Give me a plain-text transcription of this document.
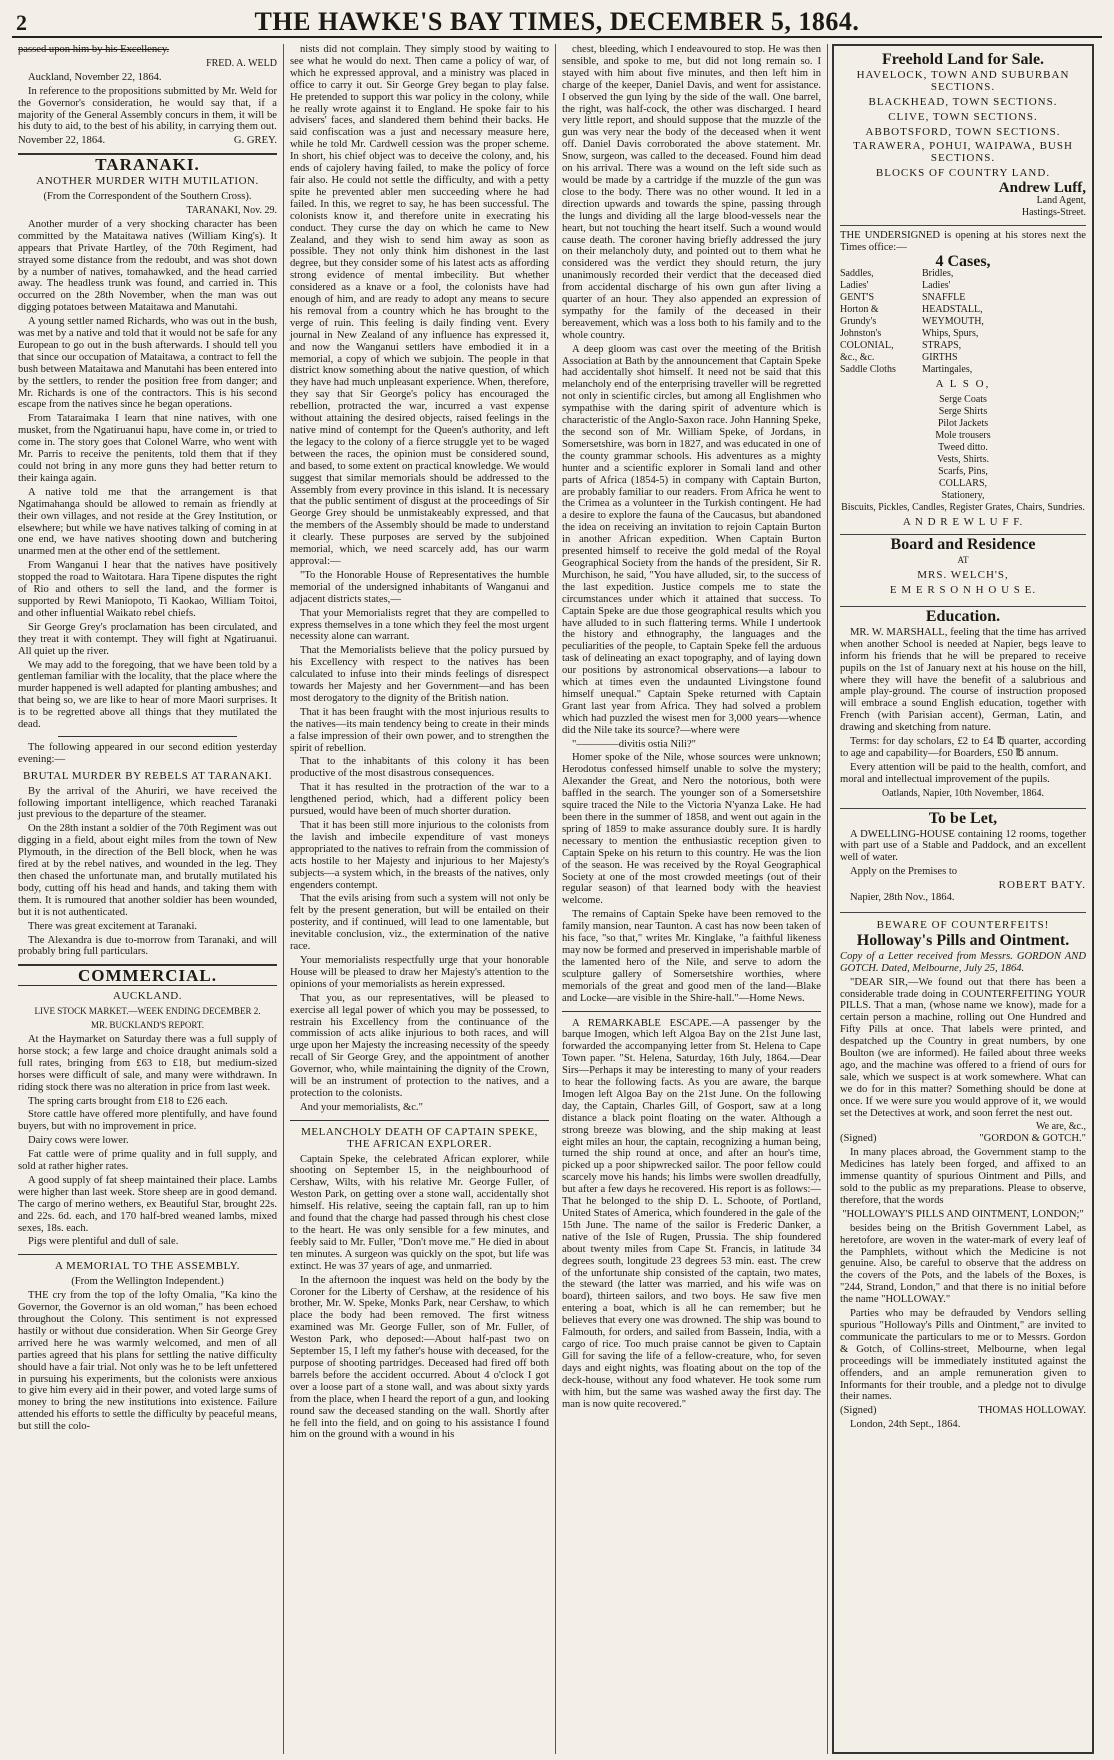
2	THE HAWKE'S BAY TIMES, DECEMBER 5, 1864.

passed upon him by his Excellency.

FRED. A. WELD

Auckland, November 22, 1864.

In reference to the propositions submitted by Mr. Weld for the Governor's consideration, he would say that, if a majority of the General Assembly concurs in them, it will be his duty to aid, to the best of his ability, in carrying them out.

November 22, 1864.	G. GREY.

TARANAKI.
ANOTHER MURDER WITH MUTILATION.

(From the Correspondent of the Southern Cross).

TARANAKI, Nov. 29.

Another murder of a very shocking character has been committed by the Mataitawa natives (William King's). It appears that Private Hartley, of the 70th Regiment, had strayed some distance from the redoubt, and was shot down by a number of natives, tomahawked, and the head carried away. The headless trunk was found, and carried in. This occurred on the 28th November, when the man was out digging potatoes between Mataitawa and Manutahi.

A young settler named Richards, who was out in the bush, was met by a native and told that it would not be safe for any European to go out in the bush afterwards. I should tell you that since our occupation of Mataitawa, a contract to fell the bush between Mataitawa and Manutahi has been entered into by the settlers, to render the position free from danger; and Mr. Richards is one of the contractors. This is his second escape from the natives since he began operations.

From Tataraimaka I learn that nine natives, with one musket, from the Ngatiruanui hapu, have come in, or tried to come in. The story goes that Colonel Warre, who went with Mr. Parris to receive the penitents, told them that if they could not bring in any more guns they had better return to their kainga again.

A native told me that the arrangement is that Ngatimahanga should be allowed to remain as friendly at their own villages, and not reside at the Grey Institution, or elsewhere; but while we have natives talking of coming in at one end, we have natives shooting down and butchering unarmed men at the other end of the settlement.

From Wanganui I hear that the natives have positively stopped the road to Waitotara. Hara Tipene disputes the right of Rio and others to sell the land, and the former is supported by Rewi Maniopoto, Ti Kaokao, William Toitoi, and other influential Waikato rebel chiefs.

Sir George Grey's proclamation has been circulated, and they treat it with contempt. They will fight at Ngatiruanui. All quiet up the river.

We may add to the foregoing, that we have been told by a gentleman familiar with the locality, that the place where the murder happened is well adapted for planting ambushes; and that being so, we are like to hear of more Maori surprises. It is to be regretted above all things that they mutilated the dead.

The following appeared in our second edition yesterday evening:—

BRUTAL MURDER BY REBELS AT TARANAKI.

By the arrival of the Ahuriri, we have received the following important intelligence, which reached Taranaki just previous to the departure of the steamer.

On the 28th instant a soldier of the 70th Regiment was out digging in a field, about eight miles from the town of New Plymouth, in the direction of the Bell block, when he was fired at by the rebel natives, and wounded in the leg. They then chased the unfortunate man, and brutally mutilated his body, cutting off his head and hands, and taking them with them. It is rumoured that another soldier has been wounded, but it is not authenticated.

There was great excitement at Taranaki.

The Alexandra is due to-morrow from Taranaki, and will probably bring full particulars.

COMMERCIAL.
AUCKLAND.

LIVE STOCK MARKET.—WEEK ENDING DECEMBER 2.

MR. BUCKLAND'S REPORT.

At the Haymarket on Saturday there was a full supply of horse stock; a few large and choice draught animals sold a full rates, bringing from £63 to £18, but medium-sized horses were difficult of sale, and many were withdrawn. In riding stock there was no alteration in price from last week.

The spring carts brought from £18 to £26 each.

Store cattle have offered more plentifully, and have found buyers, but with no improvement in price.

Dairy cows were lower.

Fat cattle were of prime quality and in full supply, and sold at rather higher rates.

A good supply of fat sheep maintained their place. Lambs were higher than last week. Store sheep are in good demand. The cargo of merino wethers, ex Beautiful Star, brought 22s. and 22s. 6d. each, and 170 half-bred weaned lambs, mixed sexes, 18s. each.

Pigs were plentiful and dull of sale.

A MEMORIAL TO THE ASSEMBLY.

(From the Wellington Independent.)

THE cry from the top of the lofty Omalia, "Ka kino the Governor, the Governor is an old woman," has been echoed throughout the Colony. This sentiment is not expressed hastily or without due consideration. When Sir George Grey arrived here he was warmly welcomed, and men of all parties agreed that his plans for settling the native difficulty should have a fair trial. Not only was he to be left unfettered in pursuing his experiments, but the colonists were anxious to give him every aid in their power, and voted large sums of money to bring the new institutions into existence. Failure attended his efforts to settle the difficulty by peaceful means, but still the colo-

nists did not complain. They simply stood by waiting to see what he would do next. Then came a policy of war, of which he expressed approval, and a ministry was placed in office to carry it out. Sir George Grey began to play false. He pretended to support this war policy in the colony, while he really wrote against it to England. He spoke fair to his advisers' faces, and slandered them behind their backs. He said confiscation was a just and necessary measure here, while he told Mr. Cardwell cession was the proper scheme. In short, his chief object was to deceive the colony, and, his ends of cajolery having failed, to make the policy of force fair also. He could not settle the difficulty, and with a petty spite he prevented abler men succeeding where he had failed. In this, we regret to say, he has been successful. The colonists know it, and therefore unite in execrating his conduct. They curse the day on which he came to New Zealand, and they wish to send him away as soon as possible. They not only think him dishonest in the last degree, but they consider some of his latest acts as affording strong evidence of mental imbecility. But whether considered as a knave or a fool, the colonists have had enough of him, and are ready to adopt any means to secure his removal from a country which he has brought to the verge of ruin. This feeling is daily finding vent. Every journal in New Zealand of any influence has expressed it, and now the Wanganui settlers have embodied it in a memorial, a copy of which we subjoin. The people in that district know something about the native question, of which they have had much unpleasant experience. When, therefore, they say that Sir George's policy has encouraged the rebellion, protracted the war, incurred a vast expense without attaining the desired objects, raised feelings in the native mind of contempt for the Queen's authority, and left the legacy to the colony of a fierce struggle yet to be waged between the races, the opinion must be considered sound, and based, to some extent on practical knowledge. We would suggest that similar memorials should be addressed to the Assembly from every province in this island. It is necessary that the public sentiment of disgust at the proceedings of Sir George Grey should be unmistakeably expressed, and that the members of the Assembly should be made to understand it clearly. These purposes are served by the subjoined memorial, which, we need scarcely add, has our warm approval:—

"To the Honorable House of Representatives the humble memorial of the undersigned inhabitants of Wanganui and adjacent districts states,—

That your Memorialists regret that they are compelled to express themselves in a tone which they feel the most urgent necessity alone can warrant.

That the Memorialists believe that the policy pursued by his Excellency with respect to the natives has been calculated to infuse into their minds feelings of disrespect towards her Majesty and her Government—and has been most derogatory to the dignity of the British nation.

That it has been fraught with the most injurious results to the natives—its main tendency being to create in their minds a false impression of their own power, and to strengthen the spirit of rebellion.

That to the inhabitants of this colony it has been productive of the most disastrous consequences.

That it has resulted in the protraction of the war to a lengthened period, which, had a different policy been pursued, would have been of much shorter duration.

That it has been still more injurious to the colonists from the lavish and imbecile expenditure of vast moneys appropriated to the natives to refrain from the commission of acts hostile to her Majesty and injurious to her Majesty's subjects—a system which, in the breasts of the natives, only engenders contempt.

That the evils arising from such a system will not only be felt by the present generation, but will be entailed on their posterity, and if continued, will lead to one lamentable, but inevitable conclusion, viz., the extermination of the native race.

Your memorialists respectfully urge that your honorable House will be pleased to draw her Majesty's attention to the opinions of your memorialists as herein expressed.

That you, as our representatives, will be pleased to exercise all legal power of which you may be possessed, to restrain his Excellency from the continuance of the commission of acts alike injurious to both races, and will urge upon her Majesty the increasing necessity of the speedy recall of Sir George Grey, and the appointment of another Governor, who, while maintaining the dignity of the Crown, will be an instrument of protection to the natives, and a protection to the colonists.

And your memorialists, &c."

MELANCHOLY DEATH OF CAPTAIN SPEKE, THE AFRICAN EXPLORER.

Captain Speke, the celebrated African explorer, while shooting on September 15, in the neighbourhood of Cershaw, Wilts, with his relative Mr. George Fuller, of Weston Park, on getting over a stone wall, accidentally shot himself. His relative, seeing the captain fall, ran up to him and found that the charge had passed through his chest close to the heart. He was only sensible for a few minutes, and feebly said to Mr. Fuller, "Don't move me." He died in about ten minutes. A surgeon was quickly on the spot, but life was extinct. He was 37 years of age, and unmarried.

In the afternoon the inquest was held on the body by the Coroner for the Liberty of Cershaw, at the residence of his brother, Mr. W. Speke, Monks Park, near Cershaw, to which place the body had been removed. The first witness examined was Mr. George Fuller, son of Mr. Fuller, of Weston Park, who deposed:—About half-past two on September 15, I left my father's house with deceased, for the purpose of shooting partridges. Deceased had fired off both barrels before the accident occurred. About 4 o'clock I got over a loose part of a stone wall, and was about sixty yards from the place, when I heard the report of a gun, and looking round saw the deceased standing on the wall. Shortly after he fell into the field, and on going to his assistance I found him on the ground with a wound in his

chest, bleeding, which I endeavoured to stop. He was then sensible, and spoke to me, but did not long remain so. I stayed with him about five minutes, and then left him in charge of the keeper, Daniel Davis, and went for assistance. I observed the gun lying by the side of the wall. One barrel, the right, was half-cock, the other was discharged. I heard very little report, and should suppose that the muzzle of the gun was very near the body of the deceased when it went off. Daniel Davis corroborated the above statement. Mr. Snow, surgeon, was called to the deceased. Found him dead on his arrival. There was a wound on the left side such as would be made by a cartridge if the muzzle of the gun was close to the body. There was no other wound. It led in a direction upwards and towards the spine, passing through the lungs and dividing all the large blood-vessels near the heart, but not touching the heart itself. Such a wound would cause death. The coroner having briefly addressed the jury on their melancholy duty, and pointed out to them what he considered was the verdict they should return, the jury unanimously recorded their verdict that the deceased died from accidental discharge of his own gun after living a quarter of an hour. They also appended an expression of sympathy for the family of the deceased in their bereavement, which was a loss both to his family and to the whole country.

A deep gloom was cast over the meeting of the British Association at Bath by the announcement that Captain Speke had accidentally shot himself. It need not be said that this melancholy end of the enterprising traveller will be regretted not only in scientific circles, but among all Englishmen who sympathise with the daring spirit of adventure which is characteristic of the Anglo-Saxon race. John Hanning Speke, the second son of Mr. William Speke, of Jordans, in Somersetshire, was born in 1827, and was educated in one of the county grammar schools. His adventures as a mighty hunter and a scientific explorer in Somali land and other parts of Africa (1854-5) in company with Captain Burton, are probably familiar to our readers. From Africa he went to the Crimea as a volunteer in the Turkish contingent. He had a desire to explore the fauna of the Caucasus, but abandoned the idea on receiving an invitation to rejoin Captain Burton in another African expedition. When Captain Burton presented himself to receive the gold medal of the Royal Geographical Society from the hands of the president, Sir R. Murchison, he said, "You have alluded, sir, to the success of the last expedition. Justice compels me to state the circumstances under which it attained that success. To Captain Speke are due those geographical results which you have alluded to in such flattering terms. While I undertook the history and ethnography, the languages and the peculiarities of the people, to Captain Speke fell the arduous task of delineating an exact topography, and of laying down our positions by astronomical observations—a labour to which at times even the undaunted Livingstone found himself unequal." Captain Speke returned with Captain Grant last year from Africa. They had solved a problem which had puzzled the wisest men for 3,000 years—whence did the Nile take its source?—where were

"————divitis ostia Nili?"

Homer spoke of the Nile, whose sources were unknown; Herodotus confessed himself unable to solve the mystery; Alexander the Great, and Nero the notorious, both were baffled in the search. The younger son of a Somersetshire squire traced the Nile to the Victoria N'yanza Lake. He had been there in the summer of 1858, and went out again in the spring of 1859 to make assurance doubly sure. It is hardly necessary to mention the enthusiastic reception given to Captain Speke on his return to this country. He was the lion of the season. He was received by the Royal Geographical Society at one of the most crowded meetings (out of their regular season) of that learned body with the heaviest welcome.

The remains of Captain Speke have been removed to the family mansion, near Taunton. A cast has now been taken of his face, "so that," writes Mr. Kinglake, "a faithful likeness may now be formed and preserved in imperishable marble of the lamented hero of the Nile, and serve to adorn the sculpture gallery of Somersetshire worthies, where memorials of the great and good men of the land—Blake and Locke—are visible in the Shire-hall."—Home News.

A REMARKABLE ESCAPE.—A passenger by the barque Imogen, which left Algoa Bay on the 21st June last, forwarded the accompanying letter from St. Helena to Cape Town paper. "St. Helena, Saturday, 16th July, 1864.—Dear Sirs—Perhaps it may be interesting to many of your readers to hear the following facts. As you are aware, the barque Imogen left Algoa Bay on the 21st June. On the following day, the Captain, Charles Gill, of Gosport, saw at a long distance a black point floating on the water. Although a strong breeze was blowing, and the ship making at least eight miles an hour, the captain, recognizing a human being, turned the ship round at once, and after an hour's time, picked up a poor shipwrecked sailor. The poor fellow could scarcely move his hands; his limbs were swollen dreadfully, but after a few days he recovered. His report is as follows:—That he belonged to the ship D. L. Schoote, of Portland, United States of America, which foundered in the gale of the 15th June. The name of the sailor is Frederic Danker, a native of the Isle of Rugen, Prussia. The ship foundered about twenty miles from Cape St. Francis, in latitude 34 degrees south, longitude 23 degrees 53 min. east. The crew of the unfortunate ship consisted of the captain, two mates, the steward (the latter was married, and his wife was on board), thirteen sailors, and two boys. He saw five men entering a boat, which is all he can remember; but he believes that every one was drowned. The ship was bound to Falmouth, for orders, and sailed from Bassein, India, with a cargo of rice. Too much praise cannot be given to Captain Gill for saving the life of a fellow-creature, who, for seven days and eight nights, was floating about on the top of the deck-house, without any food whatever. He took some rum with him, but the same was washed away the first day. The man is now quite recovered."

Freehold Land for Sale.
HAVELOCK, TOWN AND SUBURBAN SECTIONS.
BLACKHEAD, TOWN SECTIONS.
CLIVE, TOWN SECTIONS.
ABBOTSFORD, TOWN SECTIONS.
TARAWERA, POHUI, WAIPAWA, BUSH SECTIONS.
BLOCKS OF COUNTRY LAND.
Andrew Luff,
Land Agent,
Hastings-Street.

THE UNDERSIGNED is opening at his stores next the Times office:—

4 Cases,
Saddles,	Bridles,
Ladies'	Ladies'
GENT'S	SNAFFLE
Horton &	HEADSTALL,
Grundy's	WEYMOUTH,
Johnston's	Whips, Spurs,
COLONIAL,	STRAPS,
&c., &c.	GIRTHS
Saddle Cloths	Martingales,
A L S O,
Serge Coats
Serge Shirts
Pilot Jackets
Mole trousers
Tweed ditto.
Vests, Shirts.
Scarfs, Pins,
COLLARS,
Stationery,
Biscuits, Pickles, Candles, Register Grates, Chairs, Sundries.
A N D R E W L U F F.
Board and Residence
AT
MRS. WELCH'S,
E M E R S O N H O U S E.
Education.

MR. W. MARSHALL, feeling that the time has arrived when another School is needed at Napier, begs leave to inform his friends that he will be prepared to receive pupils on the 1st of January next at his house on the hill, where they will have the benefit of a salubrious and ample play-ground. The course of instruction proposed will embrace a sound English education, together with French (with Parisian accent), German, Latin, and drawing and sketching from nature.

Terms: for day scholars, £2 to £4 ℔ quarter, according to age and capability—for Boarders, £50 ℔ annum.

Every attention will be paid to the health, comfort, and moral and intellectual improvement of the pupils.

Oatlands, Napier, 10th November, 1864.

To be Let,

A DWELLING-HOUSE containing 12 rooms, together with part use of a Stable and Paddock, and an excellent well of water.

Apply on the Premises to

ROBERT BATY.

Napier, 28th Nov., 1864.

BEWARE OF COUNTERFEITS!
Holloway's Pills and Ointment.

Copy of a Letter received from Messrs. GORDON AND GOTCH. Dated, Melbourne, July 25, 1864.

"DEAR SIR,—We found out that there has been a considerable trade doing in COUNTERFEITING YOUR PILLS. That a man, (whose name we know), made for a certain person a machine, rolling out One Hundred and Fifty Pills at once. That labels were printed, and despatched up the Country in great numbers, by one Boulton (we are informed). He failed about three weeks ago, and the machine was offered to a friend of ours for sale, which we suspect is at work somewhere. What can we do for in this matter? Something should be done at once. If we were sure you would approve of it, we would set the Detectives at work, and soon ferret the nest out.

We are, &c.,

(Signed)	"GORDON & GOTCH."

In many places abroad, the Government stamp to the Medicines has lately been forged, and affixed to an immense quantity of spurious Ointment and Pills, and sold to the public as my preparations. Please to observe, therefore, that the words

"HOLLOWAY'S PILLS AND OINTMENT, LONDON;"

besides being on the British Government Label, as heretofore, are woven in the water-mark of every leaf of the Pamphlets, without which the Medicine is not genuine. Also, be careful to observe that the address on the covers of the Pots, and the labels of the Boxes, is "244, Strand, London," and that there is no initial before the name "HOLLOWAY."

Parties who may be defrauded by Vendors selling spurious "Holloway's Pills and Ointment," are invited to communicate the particulars to me or to Messrs. Gordon & Gotch, of Collins-street, Melbourne, when legal proceedings will be immediately instituted against the offenders, and an ample remuneration given to Informants for their trouble, and a pledge not to divulge their names.

(Signed)	THOMAS HOLLOWAY.

London, 24th Sept., 1864.
